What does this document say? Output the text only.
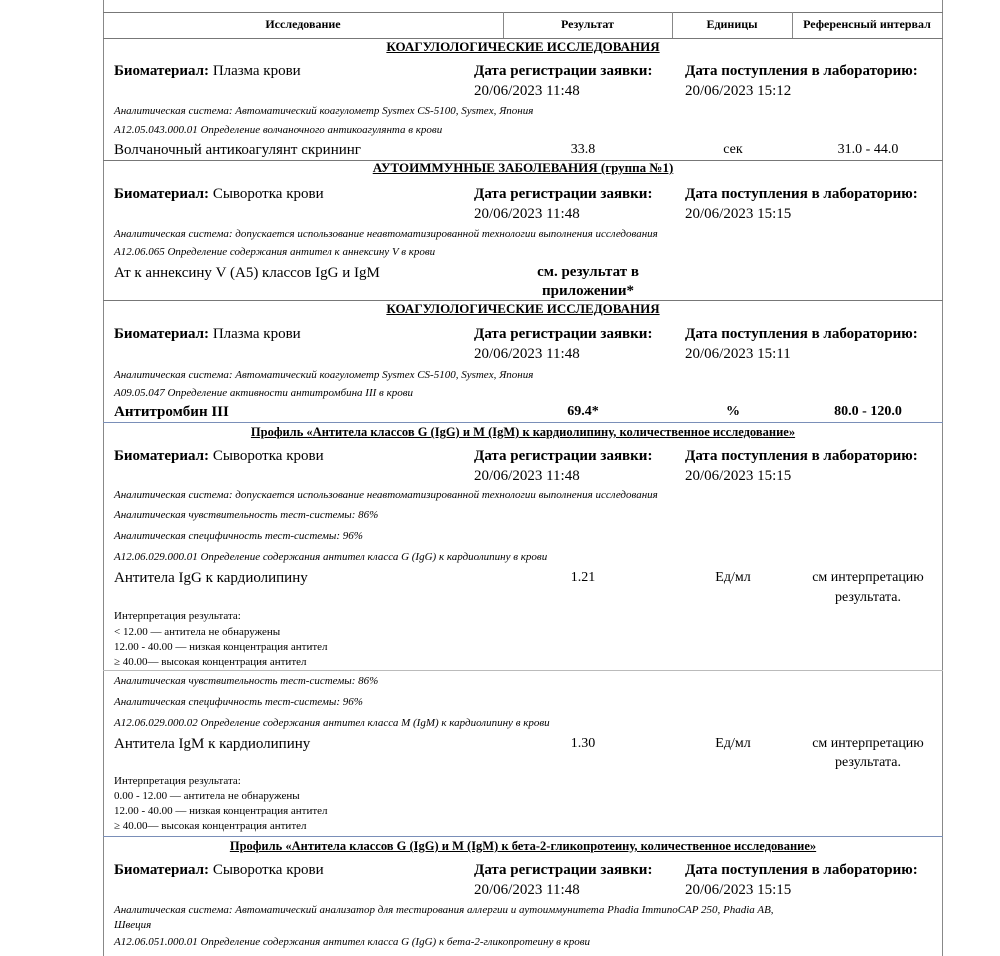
Исследование	Результат	Единицы	Референсный интервал
КОАГУЛОЛОГИЧЕСКИЕ ИССЛЕДОВАНИЯ
Биоматериал: Плазма крови	Дата регистрации заявки: Дата поступления в лабораторию:
20/06/2023 11:48	20/06/2023 15:12
Аналитическая система: Автоматический коагулометр Sysmex CS-5100, Sysmex, Япония
A12.05.043.000.01 Определение волчаночного антикоагулянта в крови
Волчаночный антикоагулянт скрининг	33.8	сек	31.0 - 44.0
АУТОИММУННЫЕ ЗАБОЛЕВАНИЯ (группа №1)
Биоматериал: Сыворотка крови	Дата регистрации заявки: Дата поступления в лабораторию:
20/06/2023 11:48	20/06/2023 15:15
Аналитическая система: допускается использование неавтоматизированной технологии выполнения исследования
A12.06.065 Определение содержания антител к аннексину V в крови
Ат к аннексину V (A5) классов IgG и IgM	см. результат в
приложении*
КОАГУЛОЛОГИЧЕСКИЕ ИССЛЕДОВАНИЯ
Биоматериал: Плазма крови	Дата регистрации заявки: Дата поступления в лабораторию:
20/06/2023 11:48	20/06/2023 15:11
Аналитическая система: Автоматический коагулометр Sysmex CS-5100, Sysmex, Япония
A09.05.047 Определение активности антитромбина III в крови
Антитромбин III	69.4*	%	80.0 - 120.0
Профиль «Антитела классов G (IgG) и M (IgM) к кардиолипину, количественное исследование»
Биоматериал: Сыворотка крови	Дата регистрации заявки: Дата поступления в лабораторию:
20/06/2023 11:48	20/06/2023 15:15
Аналитическая система: допускается использование неавтоматизированной технологии выполнения исследования
Аналитическая чувствительность тест-системы: 86%
Аналитическая специфичность тест-системы: 96%
A12.06.029.000.01 Определение содержания антител класса G (IgG) к кардиолипину в крови
Антитела IgG к кардиолипину	1.21	Ед/мл	см интерпретацию
результата.
Интерпретация результата:
< 12.00 — антитела не обнаружены
12.00 - 40.00 — низкая концентрация антител
≥ 40.00— высокая концентрация антител
Аналитическая чувствительность тест-системы: 86%
Аналитическая специфичность тест-системы: 96%
A12.06.029.000.02 Определение содержания антител класса M (IgM) к кардиолипину в крови
Антитела IgM к кардиолипину	1.30	Ед/мл	см интерпретацию
результата.
Интерпретация результата:
0.00 - 12.00 — антитела не обнаружены
12.00 - 40.00 — низкая концентрация антител
≥ 40.00— высокая концентрация антител
Профиль «Антитела классов G (IgG) и M (IgM) к бета-2-гликопротеину, количественное исследование»
Биоматериал: Сыворотка крови	Дата регистрации заявки: Дата поступления в лабораторию:
20/06/2023 11:48	20/06/2023 15:15
Аналитическая система: Автоматический анализатор для тестирования аллергии и аутоиммунитета Phadia ImmunoCAP 250, Phadia AB,
Швеция
A12.06.051.000.01 Определение содержания антител класса G (IgG) к бета-2-гликопротеину в крови
